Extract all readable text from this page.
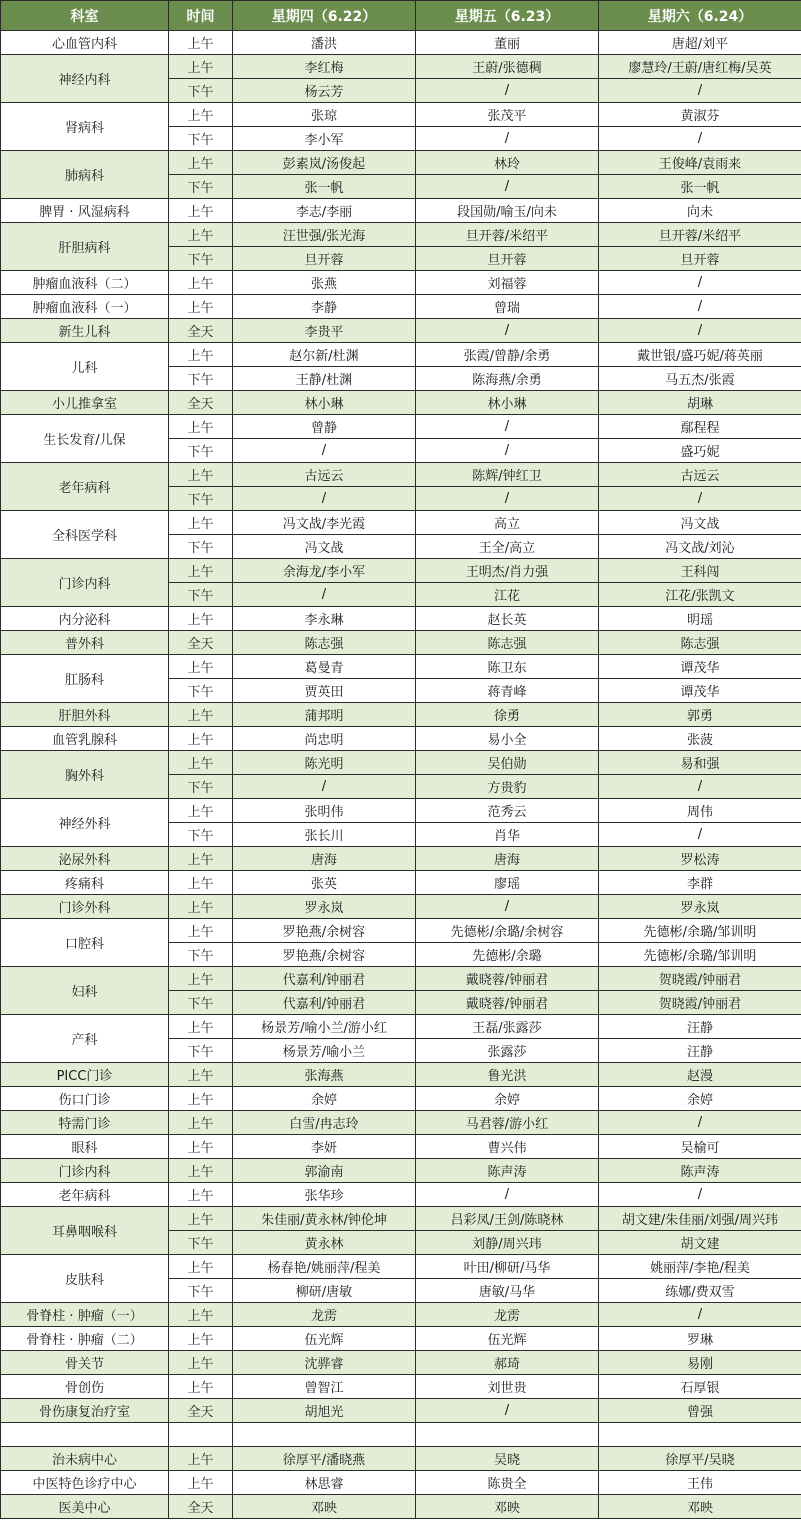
科室	时间	星期四（6.22）	星期五（6.23）	星期六（6.24）
心血管内科	上午	潘洪	董丽	唐超/刘平
神经内科	上午	李红梅	王蔚/张德稠	廖慧玲/王蔚/唐红梅/吴英
	下午	杨云芳	/	/
肾病科	上午	张琼	张茂平	黄淑芬
	下午	李小军	/	/
肺病科	上午	彭素岚/汤俊起	林玲	王俊峰/袁雨来
	下午	张一帆	/	张一帆
脾胃 · 风湿病科	上午	李志/李丽	段国勋/喻玉/向未	向未
肝胆病科	上午	汪世强/张光海	旦开蓉/米绍平	旦开蓉/米绍平
	下午	旦开蓉	旦开蓉	旦开蓉
肿瘤血液科（二）	上午	张燕	刘福蓉	/
肿瘤血液科（一）	上午	李静	曾瑞	/
新生儿科	全天	李贵平	/	/
儿科	上午	赵尔新/杜渊	张霞/曾静/余勇	戴世银/盛巧妮/蒋英丽
	下午	王静/杜渊	陈海燕/余勇	马五杰/张霞
小儿推拿室	全天	林小琳	林小琳	胡琳
生长发育/儿保	上午	曾静	/	鄢程程
	下午	/	/	盛巧妮
老年病科	上午	古远云	陈辉/钟红卫	古远云
	下午	/	/	/
全科医学科	上午	冯文战/李光霞	高立	冯文战
	下午	冯文战	王全/高立	冯文战/刘沁
门诊内科	上午	余海龙/李小军	王明杰/肖力强	王科闯
	下午	/	江花	江花/张凯文
内分泌科	上午	李永琳	赵长英	明瑶
普外科	全天	陈志强	陈志强	陈志强
肛肠科	上午	葛曼青	陈卫东	谭茂华
	下午	贾英田	蒋青峰	谭茂华
肝胆外科	上午	蒲邦明	徐勇	郭勇
血管乳腺科	上午	尚忠明	易小全	张菠
胸外科	上午	陈光明	吴伯勋	易和强
	下午	/	方贵豹	/
神经外科	上午	张明伟	范秀云	周伟
	下午	张长川	肖华	/
泌尿外科	上午	唐海	唐海	罗松涛
疼痛科	上午	张英	廖瑶	李群
门诊外科	上午	罗永岚	/	罗永岚
口腔科	上午	罗艳燕/余树容	先德彬/余璐/余树容	先德彬/余璐/邹训明
	下午	罗艳燕/余树容	先德彬/余璐	先德彬/余璐/邹训明
妇科	上午	代嘉利/钟丽君	戴晓蓉/钟丽君	贺晓霞/钟丽君
	下午	代嘉利/钟丽君	戴晓蓉/钟丽君	贺晓霞/钟丽君
产科	上午	杨景芳/喻小兰/游小红	王磊/张露莎	汪静
	下午	杨景芳/喻小兰	张露莎	汪静
PICC门诊	上午	张海燕	鲁光洪	赵漫
伤口门诊	上午	余婷	余婷	余婷
特需门诊	上午	白雪/冉志玲	马君蓉/游小红	/
眼科	上午	李妍	曹兴伟	吴榆可
门诊内科	上午	郭渝南	陈声涛	陈声涛
老年病科	上午	张华珍	/	/
耳鼻咽喉科	上午	朱佳丽/黄永林/钟伦坤	吕彩凤/王剑/陈晓林	胡文建/朱佳丽/刘强/周兴玮
	下午	黄永林	刘静/周兴玮	胡文建
皮肤科	上午	杨春艳/姚丽萍/程美	叶田/柳研/马华	姚丽萍/李艳/程美
	下午	柳研/唐敏	唐敏/马华	练娜/费双雪
骨脊柱 · 肿瘤（一）	上午	龙雳	龙雳	/
骨脊柱 · 肿瘤（二）	上午	伍光辉	伍光辉	罗琳
骨关节	上午	沈骅睿	郝琦	易刚
骨创伤	上午	曾智江	刘世贵	石厚银
骨伤康复治疗室	全天	胡旭光	/	曾强

治未病中心	上午	徐厚平/潘晓燕	吴晓	徐厚平/吴晓
中医特色诊疗中心	上午	林思睿	陈贵全	王伟
医美中心	全天	邓映	邓映	邓映
